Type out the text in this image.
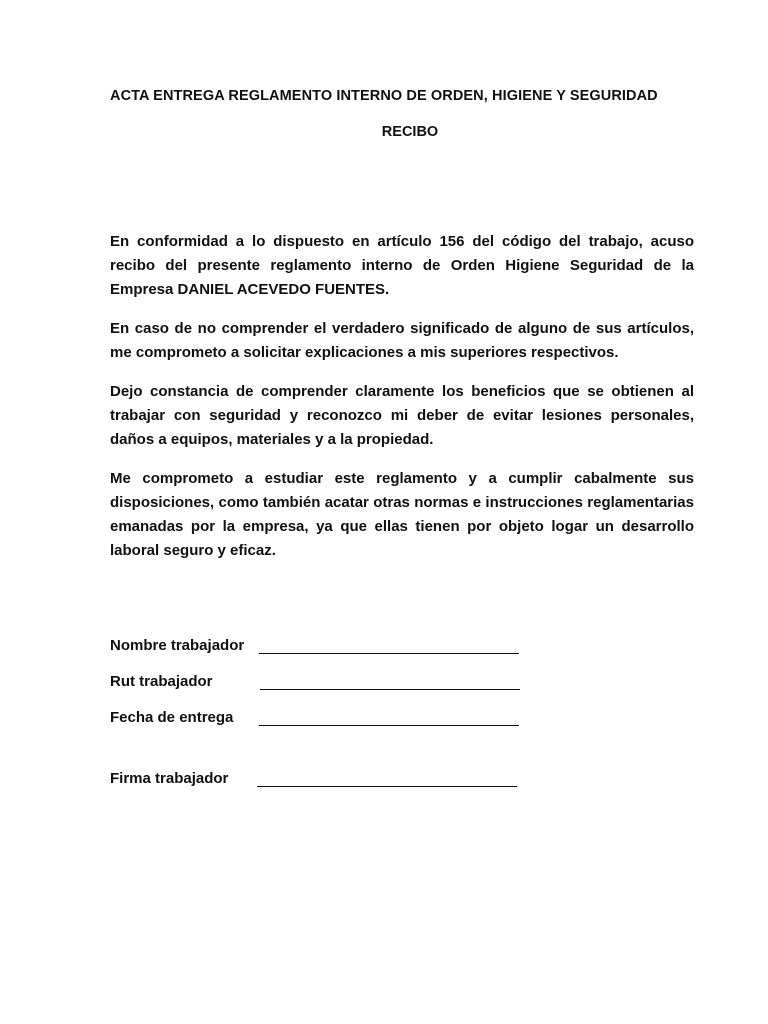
ACTA ENTREGA REGLAMENTO INTERNO DE ORDEN, HIGIENE Y SEGURIDAD
RECIBO

En conformidad a lo dispuesto en artículo 156 del código del trabajo, acuso recibo del presente reglamento interno de Orden Higiene Seguridad de la Empresa DANIEL ACEVEDO FUENTES.

En caso de no comprender el verdadero significado de alguno de sus artículos, me comprometo a solicitar explicaciones a mis superiores respectivos.

Dejo constancia de comprender claramente los beneficios que se obtienen al trabajar con seguridad y reconozco mi deber de evitar lesiones personales, daños a equipos, materiales y a la propiedad.

Me comprometo a estudiar este reglamento y a cumplir cabalmente sus disposiciones, como también acatar otras normas e instrucciones reglamentarias emanadas por la empresa, ya que ellas tienen por objeto logar un desarrollo laboral seguro y eficaz.

Nombre trabajador
Rut trabajador
Fecha de entrega
Firma trabajador
